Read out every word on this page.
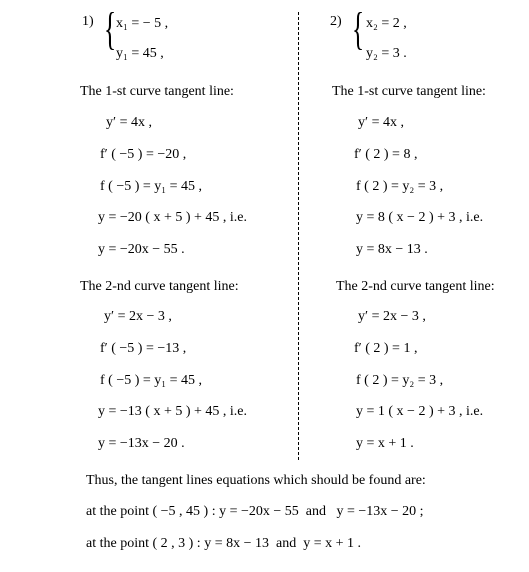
1) { x₁ = − 5 ,
y₁ = 45 ,
The 1-st curve tangent line:
y′ = 4x ,
f′ ( −5 ) = −20 ,
f ( −5 ) = y₁ = 45 ,
y = −20 ( x + 5 ) + 45 , i.e.
y = −20x − 55 .
The 2-nd curve tangent line:
y′ = 2x − 3 ,
f′ ( −5 ) = −13 ,
f ( −5 ) = y₁ = 45 ,
y = −13 ( x + 5 ) + 45 , i.e.
y = −13x − 20 .
2) { x₂ = 2 ,
y₂ = 3 .
The 1-st curve tangent line:
y′ = 4x ,
f′ ( 2 ) = 8 ,
f ( 2 ) = y₂ = 3 ,
y = 8 ( x − 2 ) + 3 , i.e.
y = 8x − 13 .
The 2-nd curve tangent line:
y′ = 2x − 3 ,
f′ ( 2 ) = 1 ,
f ( 2 ) = y₂ = 3 ,
y = 1 ( x − 2 ) + 3 , i.e.
y = x + 1 .
Thus, the tangent lines equations which should be found are:
at the point ( −5 , 45 ) : y = −20x − 55  and   y = −13x − 20 ;
at the point ( 2 , 3 ) : y = 8x − 13  and  y = x + 1 .
